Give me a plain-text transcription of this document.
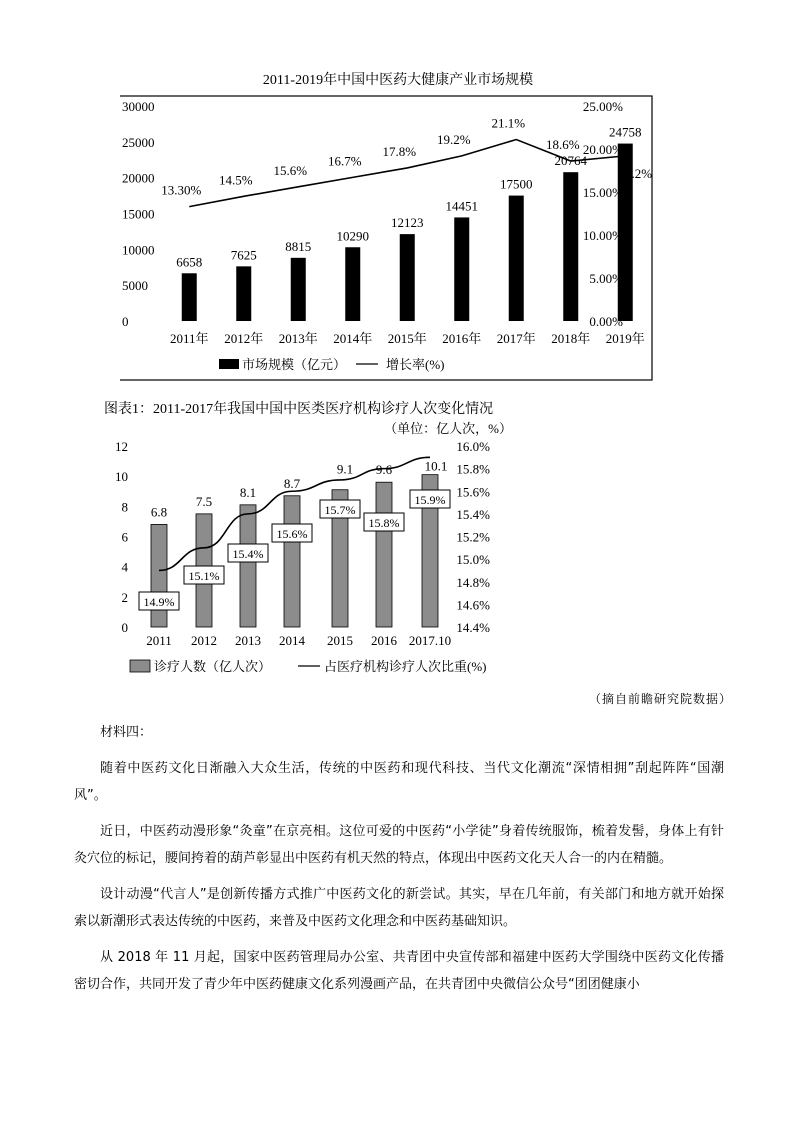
2011-2019年中国中医药大健康产业市场规模
6658 7625
8815
10290
12123
14451
17500
20764
24758
13.30%
14.5%
15.6%
16.7%
17.8%
19.2%
21.1%
18.6%
19.2%
0
5000
10000
15000
20000
25000
30000
0.00%
5.00%
10.00%
15.00%
20.00%
25.00%
2011年 2012年 2013年 2014年 2015年 2016年 2017年 2018年 2019年
市场规模（亿元）	增长率(%)
图表1：2011-2017年我国中国中医类医疗机构诊疗人次变化情况
（单位：亿人次，%）
6.8
7.5
8.1
8.7
9.1 9.6	10.1
14.9%
15.1%
15.4%
15.6%
15.7%
15.8%
15.9%
0
2
4
6
8
10
12
14.4%
14.6%
14.8%
15.0%
15.2%
15.4%
15.6%
15.8%
16.0%
2011 2012 2013 2014 2015 2016 2017.10
诊疗人数（亿人次）	占医疗机构诊疗人次比重(%)
（摘自前瞻研究院数据）
材料四：

随着中医药文化日渐融入大众生活，传统的中医药和现代科技、当代文化潮流“深情相拥”刮起阵阵“国潮风”。

近日，中医药动漫形象“灸童”在京亮相。这位可爱的中医药“小学徒”身着传统服饰，梳着发髻，身体上有针灸穴位的标记，腰间挎着的葫芦彰显出中医药有机天然的特点，体现出中医药文化天人合一的内在精髓。

设计动漫“代言人”是创新传播方式推广中医药文化的新尝试。其实，早在几年前，有关部门和地方就开始探索以新潮形式表达传统的中医药，来普及中医药文化理念和中医药基础知识。

从 2018 年 11 月起，国家中医药管理局办公室、共青团中央宣传部和福建中医药大学围绕中医药文化传播密切合作，共同开发了青少年中医药健康文化系列漫画产品，在共青团中央微信公众号“团团健康小
